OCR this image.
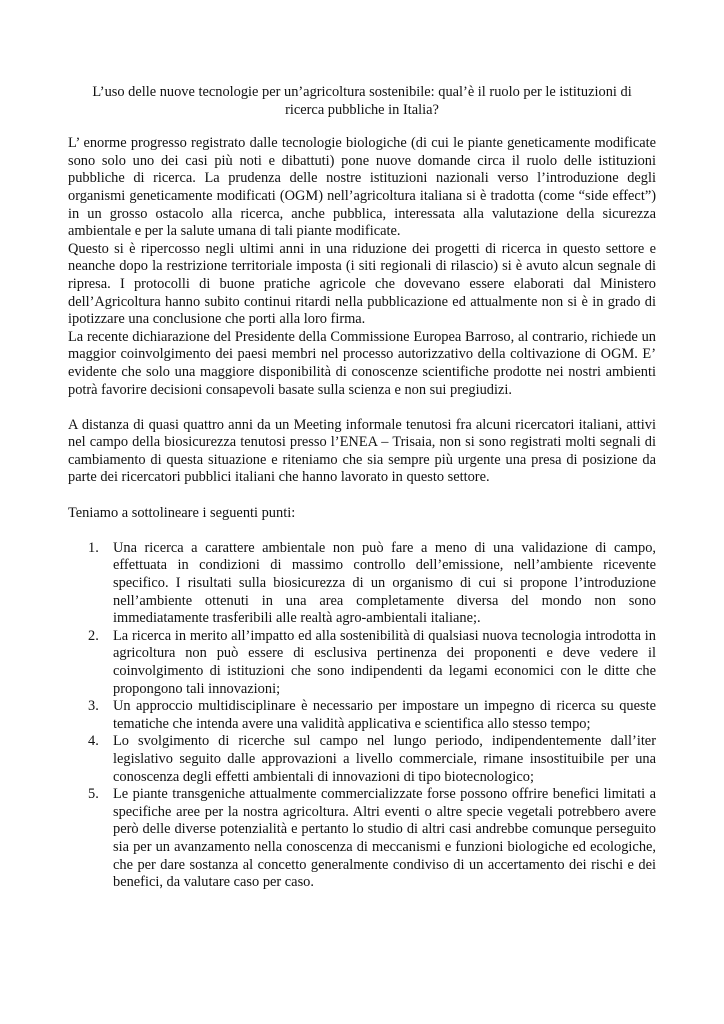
L’uso delle nuove tecnologie per un’agricoltura sostenibile: qual’è il ruolo per le istituzioni di ricerca pubbliche in Italia?

L’ enorme progresso registrato dalle tecnologie biologiche (di cui le piante geneticamente modificate sono solo uno dei casi più noti e dibattuti) pone nuove domande circa il ruolo delle istituzioni pubbliche di ricerca. La prudenza delle nostre istituzioni nazionali verso l’introduzione degli organismi geneticamente modificati (OGM) nell’agricoltura italiana si è tradotta (come “side effect”) in un grosso ostacolo alla ricerca, anche pubblica, interessata alla valutazione della sicurezza ambientale e per la salute umana di tali piante modificate.

Questo si è ripercosso negli ultimi anni in una riduzione dei progetti di ricerca in questo settore e neanche dopo la restrizione territoriale imposta (i siti regionali di rilascio) si è avuto alcun segnale di ripresa. I protocolli di buone pratiche agricole che dovevano essere elaborati dal Ministero dell’Agricoltura hanno subito continui ritardi nella pubblicazione ed attualmente non si è in grado di ipotizzare una conclusione che porti alla loro firma.

La recente dichiarazione del Presidente della Commissione Europea Barroso, al contrario, richiede un maggior coinvolgimento dei paesi membri nel processo autorizzativo della coltivazione di OGM. E’ evidente che solo una maggiore disponibilità di conoscenze scientifiche prodotte nei nostri ambienti potrà favorire decisioni consapevoli basate sulla scienza e non sui pregiudizi.

A distanza di quasi quattro anni da un Meeting informale tenutosi fra alcuni ricercatori italiani, attivi nel campo della biosicurezza tenutosi presso l’ENEA – Trisaia, non si sono registrati molti segnali di cambiamento di questa situazione e riteniamo che sia sempre più urgente una presa di posizione da parte dei ricercatori pubblici italiani che hanno lavorato in questo settore.

Teniamo a sottolineare i seguenti punti:

1. Una ricerca a carattere ambientale non può fare a meno di una validazione di campo, effettuata in condizioni di massimo controllo dell’emissione, nell’ambiente ricevente specifico. I risultati sulla biosicurezza di un organismo di cui si propone l’introduzione nell’ambiente ottenuti in una area completamente diversa del mondo non sono immediatamente trasferibili alle realtà agro-ambientali italiane;.
2. La ricerca in merito all’impatto ed alla sostenibilità di qualsiasi nuova tecnologia introdotta in agricoltura non può essere di esclusiva pertinenza dei proponenti e deve vedere il coinvolgimento di istituzioni che sono indipendenti da legami economici con le ditte che propongono tali innovazioni;
3. Un approccio multidisciplinare è necessario per impostare un impegno di ricerca su queste tematiche che intenda avere una validità applicativa e scientifica allo stesso tempo;
4. Lo svolgimento di ricerche sul campo nel lungo periodo, indipendentemente dall’iter legislativo seguito dalle approvazioni a livello commerciale, rimane insostituibile per una conoscenza degli effetti ambientali di innovazioni di tipo biotecnologico;
5. Le piante transgeniche attualmente commercializzate forse possono offrire benefici limitati a specifiche aree per la nostra agricoltura. Altri eventi o altre specie vegetali potrebbero avere però delle diverse potenzialità e pertanto lo studio di altri casi andrebbe comunque perseguito sia per un avanzamento nella conoscenza di meccanismi e funzioni biologiche ed ecologiche, che per dare sostanza al concetto generalmente condiviso di un accertamento dei rischi e dei benefici, da valutare caso per caso.
